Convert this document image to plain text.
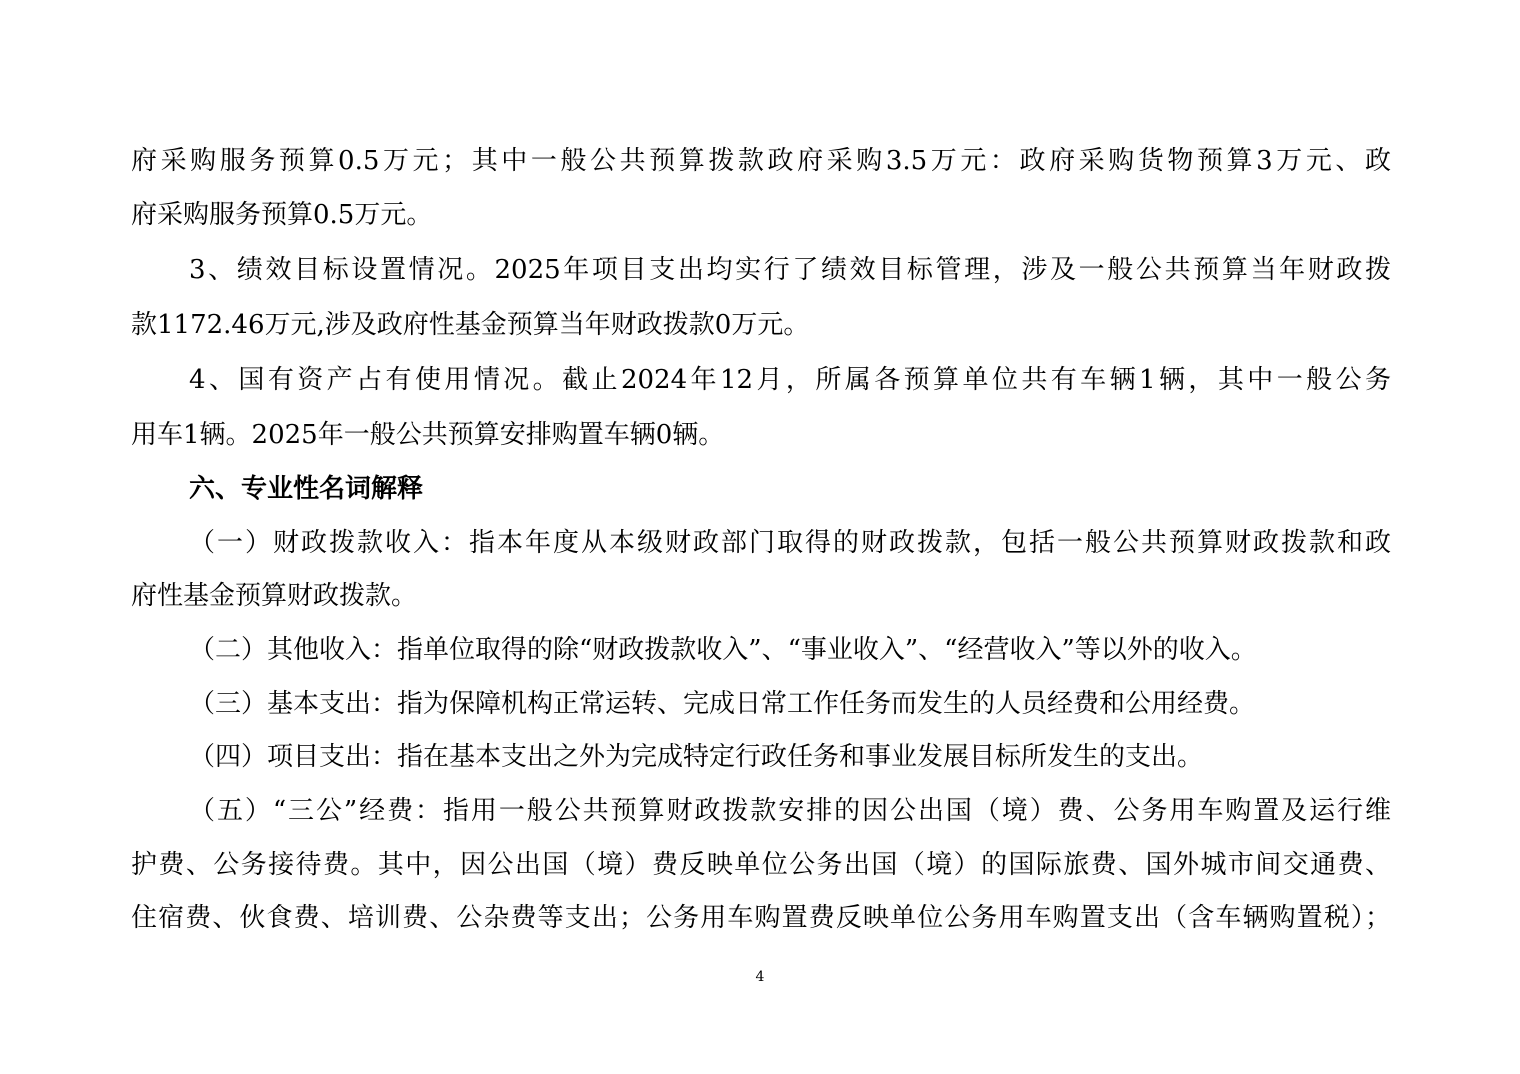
府采购服务预算0.5万元；其中一般公共预算拨款政府采购3.5万元：政府采购货物预算3万元、政
府采购服务预算0.5万元。
3、绩效目标设置情况。2025年项目支出均实行了绩效目标管理，涉及一般公共预算当年财政拨
款1172.46万元,涉及政府性基金预算当年财政拨款0万元。
4、国有资产占有使用情况。截止2024年12月，所属各预算单位共有车辆1辆，其中一般公务
用车1辆。2025年一般公共预算安排购置车辆0辆。
六、专业性名词解释
（一）财政拨款收入：指本年度从本级财政部门取得的财政拨款，包括一般公共预算财政拨款和政
府性基金预算财政拨款。
（二）其他收入：指单位取得的除“财政拨款收入”、“事业收入”、“经营收入”等以外的收入。
（三）基本支出：指为保障机构正常运转、完成日常工作任务而发生的人员经费和公用经费。
（四）项目支出：指在基本支出之外为完成特定行政任务和事业发展目标所发生的支出。
（五）“三公”经费：指用一般公共预算财政拨款安排的因公出国（境）费、公务用车购置及运行维
护费、公务接待费。其中，因公出国（境）费反映单位公务出国（境）的国际旅费、国外城市间交通费、
住宿费、伙食费、培训费、公杂费等支出；公务用车购置费反映单位公务用车购置支出（含车辆购置税）；
4
